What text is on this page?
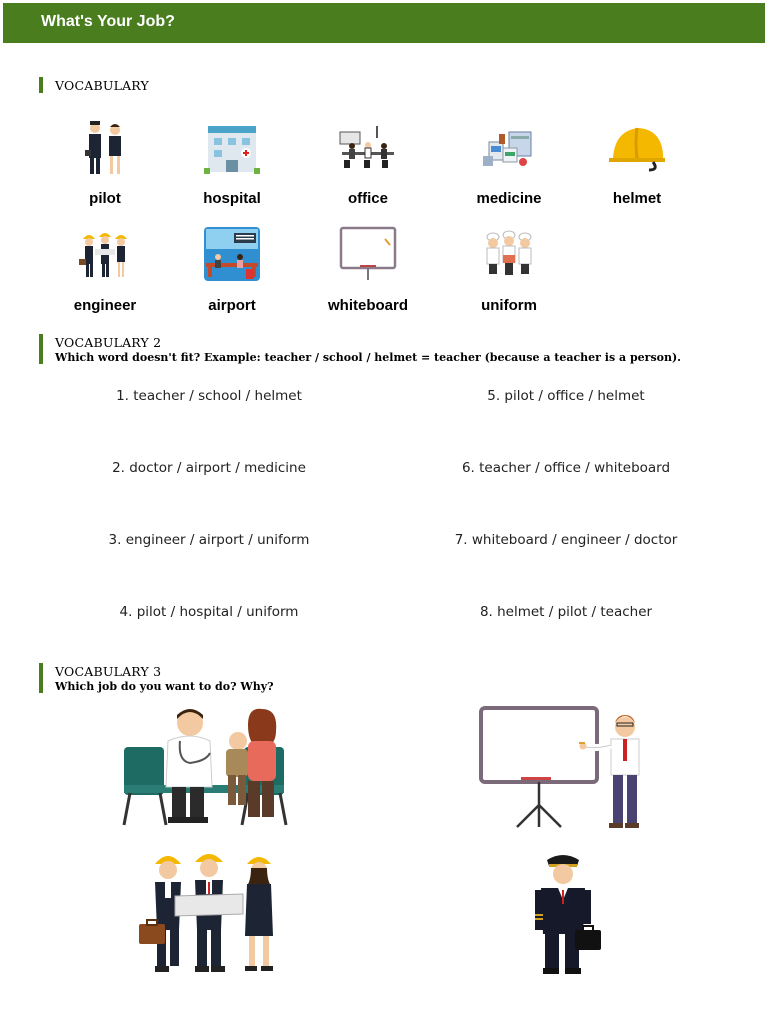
What's Your Job?
VOCABULARY
pilot	hospital	office	medicine	helmet
engineer	airport	whiteboard	uniform
VOCABULARY 2
Which word doesn't fit? Example: teacher / school / helmet = teacher (because a teacher is a person).
1. teacher / school / helmet
2. doctor / airport / medicine
3. engineer / airport / uniform
4. pilot / hospital / uniform
5. pilot / office / helmet
6. teacher / office / whiteboard
7. whiteboard / engineer / doctor
8. helmet / pilot / teacher
VOCABULARY 3
Which job do you want to do? Why?
